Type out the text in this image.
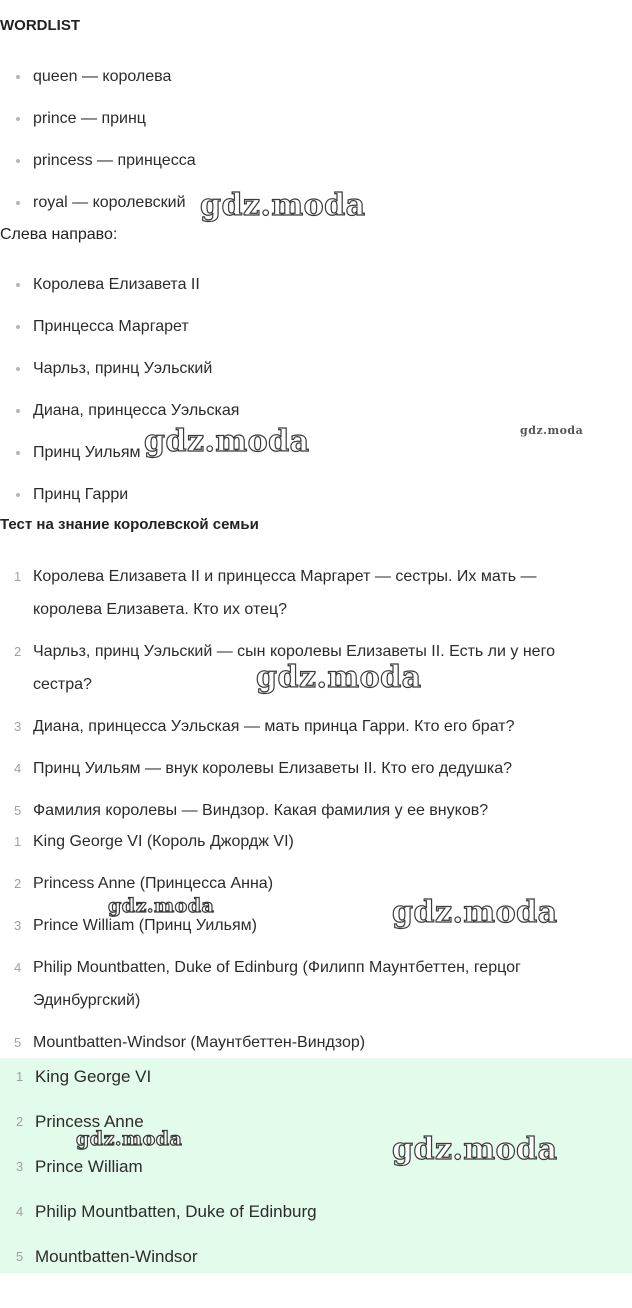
WORDLIST
queen — королева
prince — принц
princess — принцесса
royal — королевский

Слева направо:

Королева Елизавета II
Принцесса Маргарет
Чарльз, принц Уэльский
Диана, принцесса Уэльская
Принц Уильям
Принц Гарри
Тест на знание королевской семьи
1 Королева Елизавета II и принцесса Маргарет — сестры. Их мать — королева Елизавета. Кто их отец?
2 Чарльз, принц Уэльский — сын королевы Елизаветы II. Есть ли у него сестра?
3 Диана, принцесса Уэльская — мать принца Гарри. Кто его брат?
4 Принц Уильям — внук королевы Елизаветы II. Кто его дедушка?
5 Фамилия королевы — Виндзор. Какая фамилия у ее внуков?
1 King George VI (Король Джордж VI)
2 Princess Anne (Принцесса Анна)
3 Prince William (Принц Уильям)
4 Philip Mountbatten, Duke of Edinburg (Филипп Маунтбеттен, герцог Эдинбургский)
5 Mountbatten-Windsor (Маунтбеттен-Виндзор)
1 King George VI
2 Princess Anne
3 Prince William
4 Philip Mountbatten, Duke of Edinburg
5 Mountbatten-Windsor
gdz.moda
gdz.moda
gdz.moda
gdz.moda
gdz.moda	gdz.moda
gdz.moda	gdz.moda
